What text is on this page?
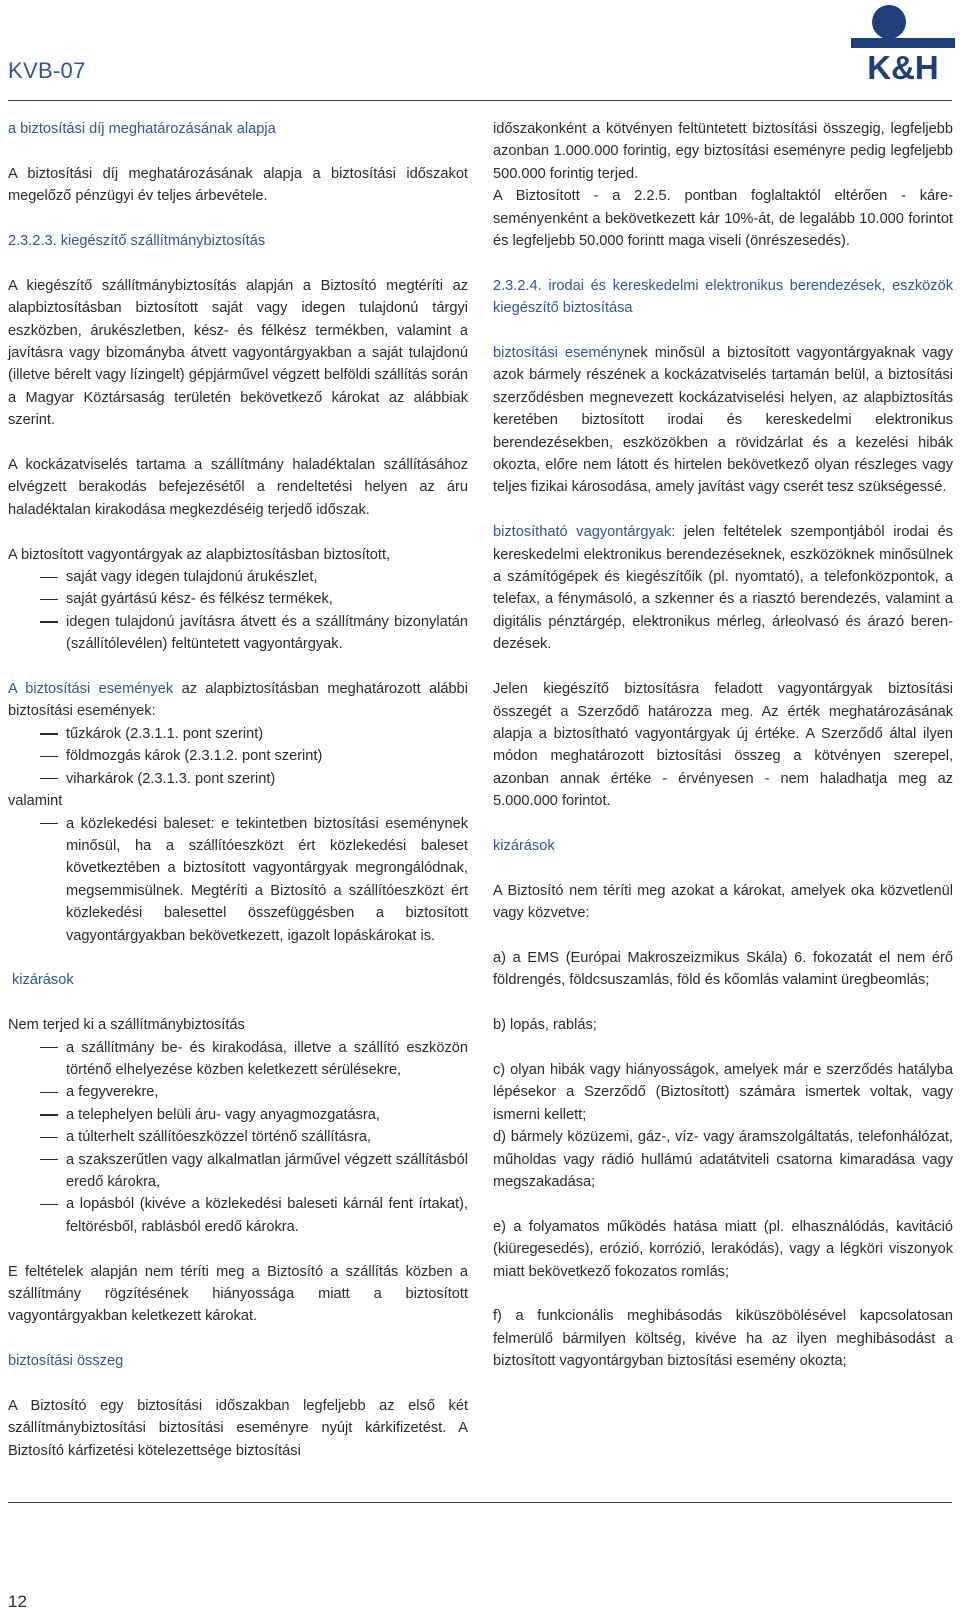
KVB-07	K&H

a biztosítási díj meghatározásának alapja

A biztosítási díj meghatározásának alapja a biztosítási időszakot megelőző pénzügyi év teljes árbevétele.

2.3.2.3. kiegészítő szállítmánybiztosítás

A kiegészítő szállítmánybiztosítás alapján a Biztosító megtéríti az alapbiztosításban biztosított saját vagy idegen tulajdonú tárgyi eszközben, árukészletben, kész- és félkész termékben, valamint a javításra vagy bizományba átvett vagyontárgyakban a saját tulajdonú (illetve bérelt vagy lízingelt) gépjárművel végzett belföldi szállítás során a Magyar Köztársaság területén bekövetkező károkat az alábbiak szerint.

A kockázatviselés tartama a szállítmány haladéktalan szállításához elvégzett berakodás befejezésétől a rendeltetési helyen az áru haladéktalan kirakodása megkezdéséig terjedő időszak.

A biztosított vagyontárgyak az alapbiztosításban biztosított,

saját vagy idegen tulajdonú árukészlet,
saját gyártású kész- és félkész termékek,
idegen tulajdonú javításra átvett és a szállítmány bizonylatán (szállítólevélen) feltüntetett vagyontárgyak.

A biztosítási események az alapbiztosításban meghatározott alábbi biztosítási események:

tűzkárok (2.3.1.1. pont szerint)
földmozgás károk (2.3.1.2. pont szerint)
viharkárok (2.3.1.3. pont szerint)

valamint

a közlekedési baleset: e tekintetben biztosítási eseménynek minősül, ha a szállítóeszközt ért közlekedési baleset következtében a biztosított vagyontárgyak megrongálódnak, megsemmisülnek. Megtéríti a Biztosító a szállítóeszközt ért közlekedési balesettel összefüggésben a biztosított vagyontárgyakban bekövetkezett, igazolt lopáskárokat is.

kizárások

Nem terjed ki a szállítmánybiztosítás

a szállítmány be- és kirakodása, illetve a szállító eszközön történő elhelyezése közben keletkezett sérülésekre,
a fegyverekre,
a telephelyen belüli áru- vagy anyagmozgatásra,
a túlterhelt szállítóeszközzel történő szállításra,
a szakszerűtlen vagy alkalmatlan járművel végzett szállításból eredő károkra,
a lopásból (kivéve a közlekedési baleseti kárnál fent írtakat), feltörésből, rablásból eredő károkra.

E feltételek alapján nem téríti meg a Biztosító a szállítás közben a szállítmány rögzítésének hiányossága miatt a biztosított vagyontárgyakban keletkezett károkat.

biztosítási összeg

A Biztosító egy biztosítási időszakban legfeljebb az első két szállítmánybiztosítási biztosítási eseményre nyújt kárkifizetést. A Biztosító kárfizetési kötelezettsége biztosítási

időszakonként a kötvényen feltüntetett biztosítási összegig, legfeljebb azonban 1.000.000 forintig, egy biztosítási eseményre pedig legfeljebb 500.000 forintig terjed.

A Biztosított - a 2.2.5. pontban foglaltaktól eltérően - káreseményenként a bekövetkezett kár 10%-át, de legalább 10.000 forintot és legfeljebb 50.000 forintt maga viseli (önrészesedés).

2.3.2.4. irodai és kereskedelmi elektronikus berendezések, eszközök kiegészítő biztosítása

biztosítási eseménynek minősül a biztosított vagyontárgyaknak vagy azok bármely részének a kockázatviselés tartamán belül, a biztosítási szerződésben megnevezett kockázatviselési helyen, az alapbiztosítás keretében biztosított irodai és kereskedelmi elektronikus berendezésekben, eszközökben a rövidzárlat és a kezelési hibák okozta, előre nem látott és hirtelen bekövetkező olyan részleges vagy teljes fizikai károsodása, amely javítást vagy cserét tesz szükségessé.

biztosítható vagyontárgyak: jelen feltételek szempontjából irodai és kereskedelmi elektronikus berendezéseknek, eszközöknek minősülnek a számítógépek és kiegészítőik (pl. nyomtató), a telefonközpontok, a telefax, a fénymásoló, a szkenner és a riasztó berendezés, valamint a digitális pénztárgép, elektronikus mérleg, árleolvasó és árazó berendezések.

Jelen kiegészítő biztosításra feladott vagyontárgyak biztosítási összegét a Szerződő határozza meg. Az érték meghatározásának alapja a biztosítható vagyontárgyak új értéke. A Szerződő által ilyen módon meghatározott biztosítási összeg a kötvényen szerepel, azonban annak értéke - érvényesen - nem haladhatja meg az 5.000.000 forintot.

kizárások

A Biztosító nem téríti meg azokat a károkat, amelyek oka közvetlenül vagy közvetve:

a) a EMS (Európai Makroszeizmikus Skála) 6. fokozatát el nem érő földrengés, földcsuszamlás, föld és kőomlás valamint üregbeomlás;

b) lopás, rablás;

c) olyan hibák vagy hiányosságok, amelyek már e szerződés hatályba lépésekor a Szerződő (Biztosított) számára ismertek voltak, vagy ismerni kellett;

d) bármely közüzemi, gáz-, víz- vagy áramszolgáltatás, telefonhálózat, műholdas vagy rádió hullámú adatátviteli csatorna kimaradása vagy megszakadása;

e) a folyamatos működés hatása miatt (pl. elhasználódás, kavitáció (kiüregesedés), erózió, korrózió, lerakódás), vagy a légköri viszonyok miatt bekövetkező fokozatos romlás;

f) a funkcionális meghibásodás kiküszöbölésével kapcsolatosan felmerülő bármilyen költség, kivéve ha az ilyen meghibásodást a biztosított vagyontárgyban biztosítási esemény okozta;

12
